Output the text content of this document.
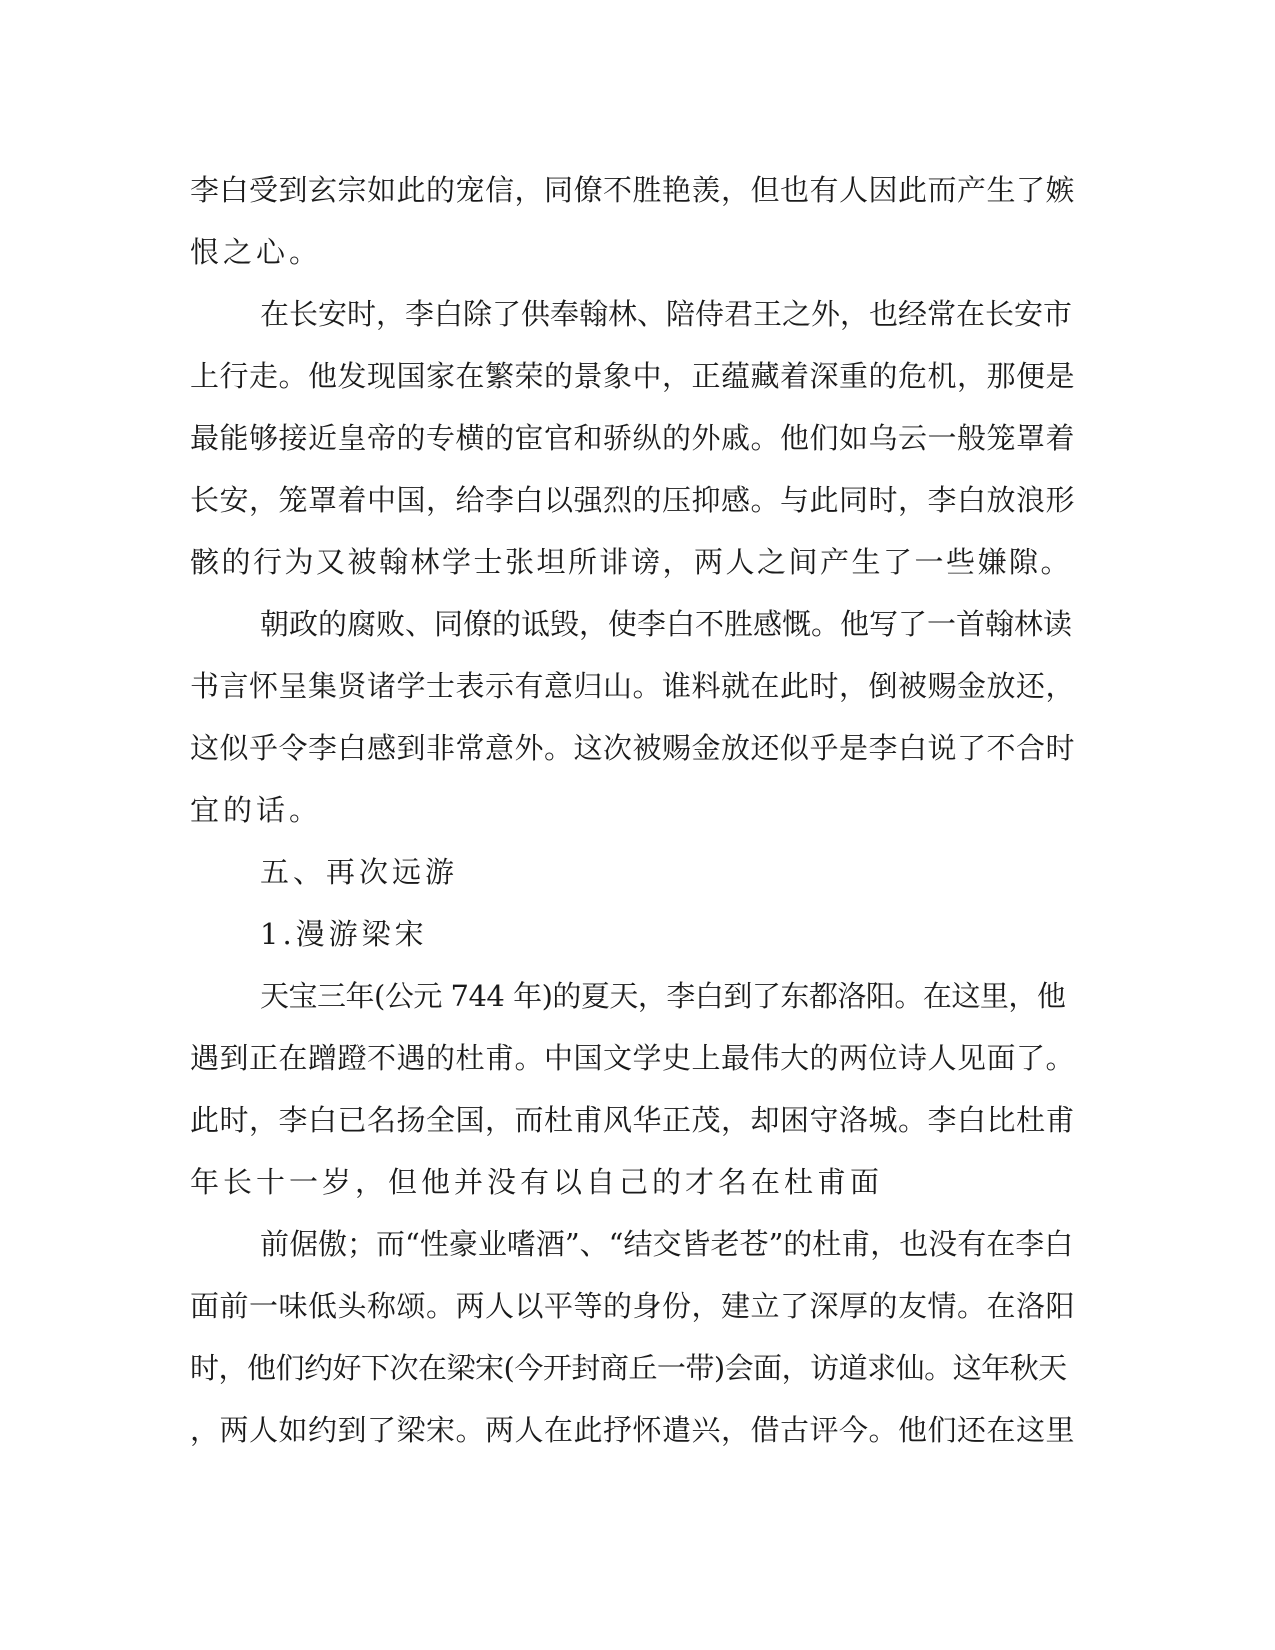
李白受到玄宗如此的宠信，同僚不胜艳羡，但也有人因此而产生了嫉
恨之心。
在长安时，李白除了供奉翰林、陪侍君王之外，也经常在长安市
上行走。他发现国家在繁荣的景象中，正蕴藏着深重的危机，那便是
最能够接近皇帝的专横的宦官和骄纵的外戚。他们如乌云一般笼罩着
长安，笼罩着中国，给李白以强烈的压抑感。与此同时，李白放浪形
骸的行为又被翰林学士张坦所诽谤，两人之间产生了一些嫌隙。
朝政的腐败、同僚的诋毁，使李白不胜感慨。他写了一首翰林读
书言怀呈集贤诸学士表示有意归山。谁料就在此时，倒被赐金放还，
这似乎令李白感到非常意外。这次被赐金放还似乎是李白说了不合时
宜的话。
五、再次远游
1.漫游梁宋
天宝三年(公元 744 年)的夏天，李白到了东都洛阳。在这里，他
遇到正在蹭蹬不遇的杜甫。中国文学史上最伟大的两位诗人见面了。
此时，李白已名扬全国，而杜甫风华正茂，却困守洛城。李白比杜甫
年长十一岁，但他并没有以自己的才名在杜甫面
前倨傲；而“性豪业嗜酒”、“结交皆老苍”的杜甫，也没有在李白
面前一味低头称颂。两人以平等的身份，建立了深厚的友情。在洛阳
时，他们约好下次在梁宋(今开封商丘一带)会面，访道求仙。这年秋天
，两人如约到了梁宋。两人在此抒怀遣兴，借古评今。他们还在这里
